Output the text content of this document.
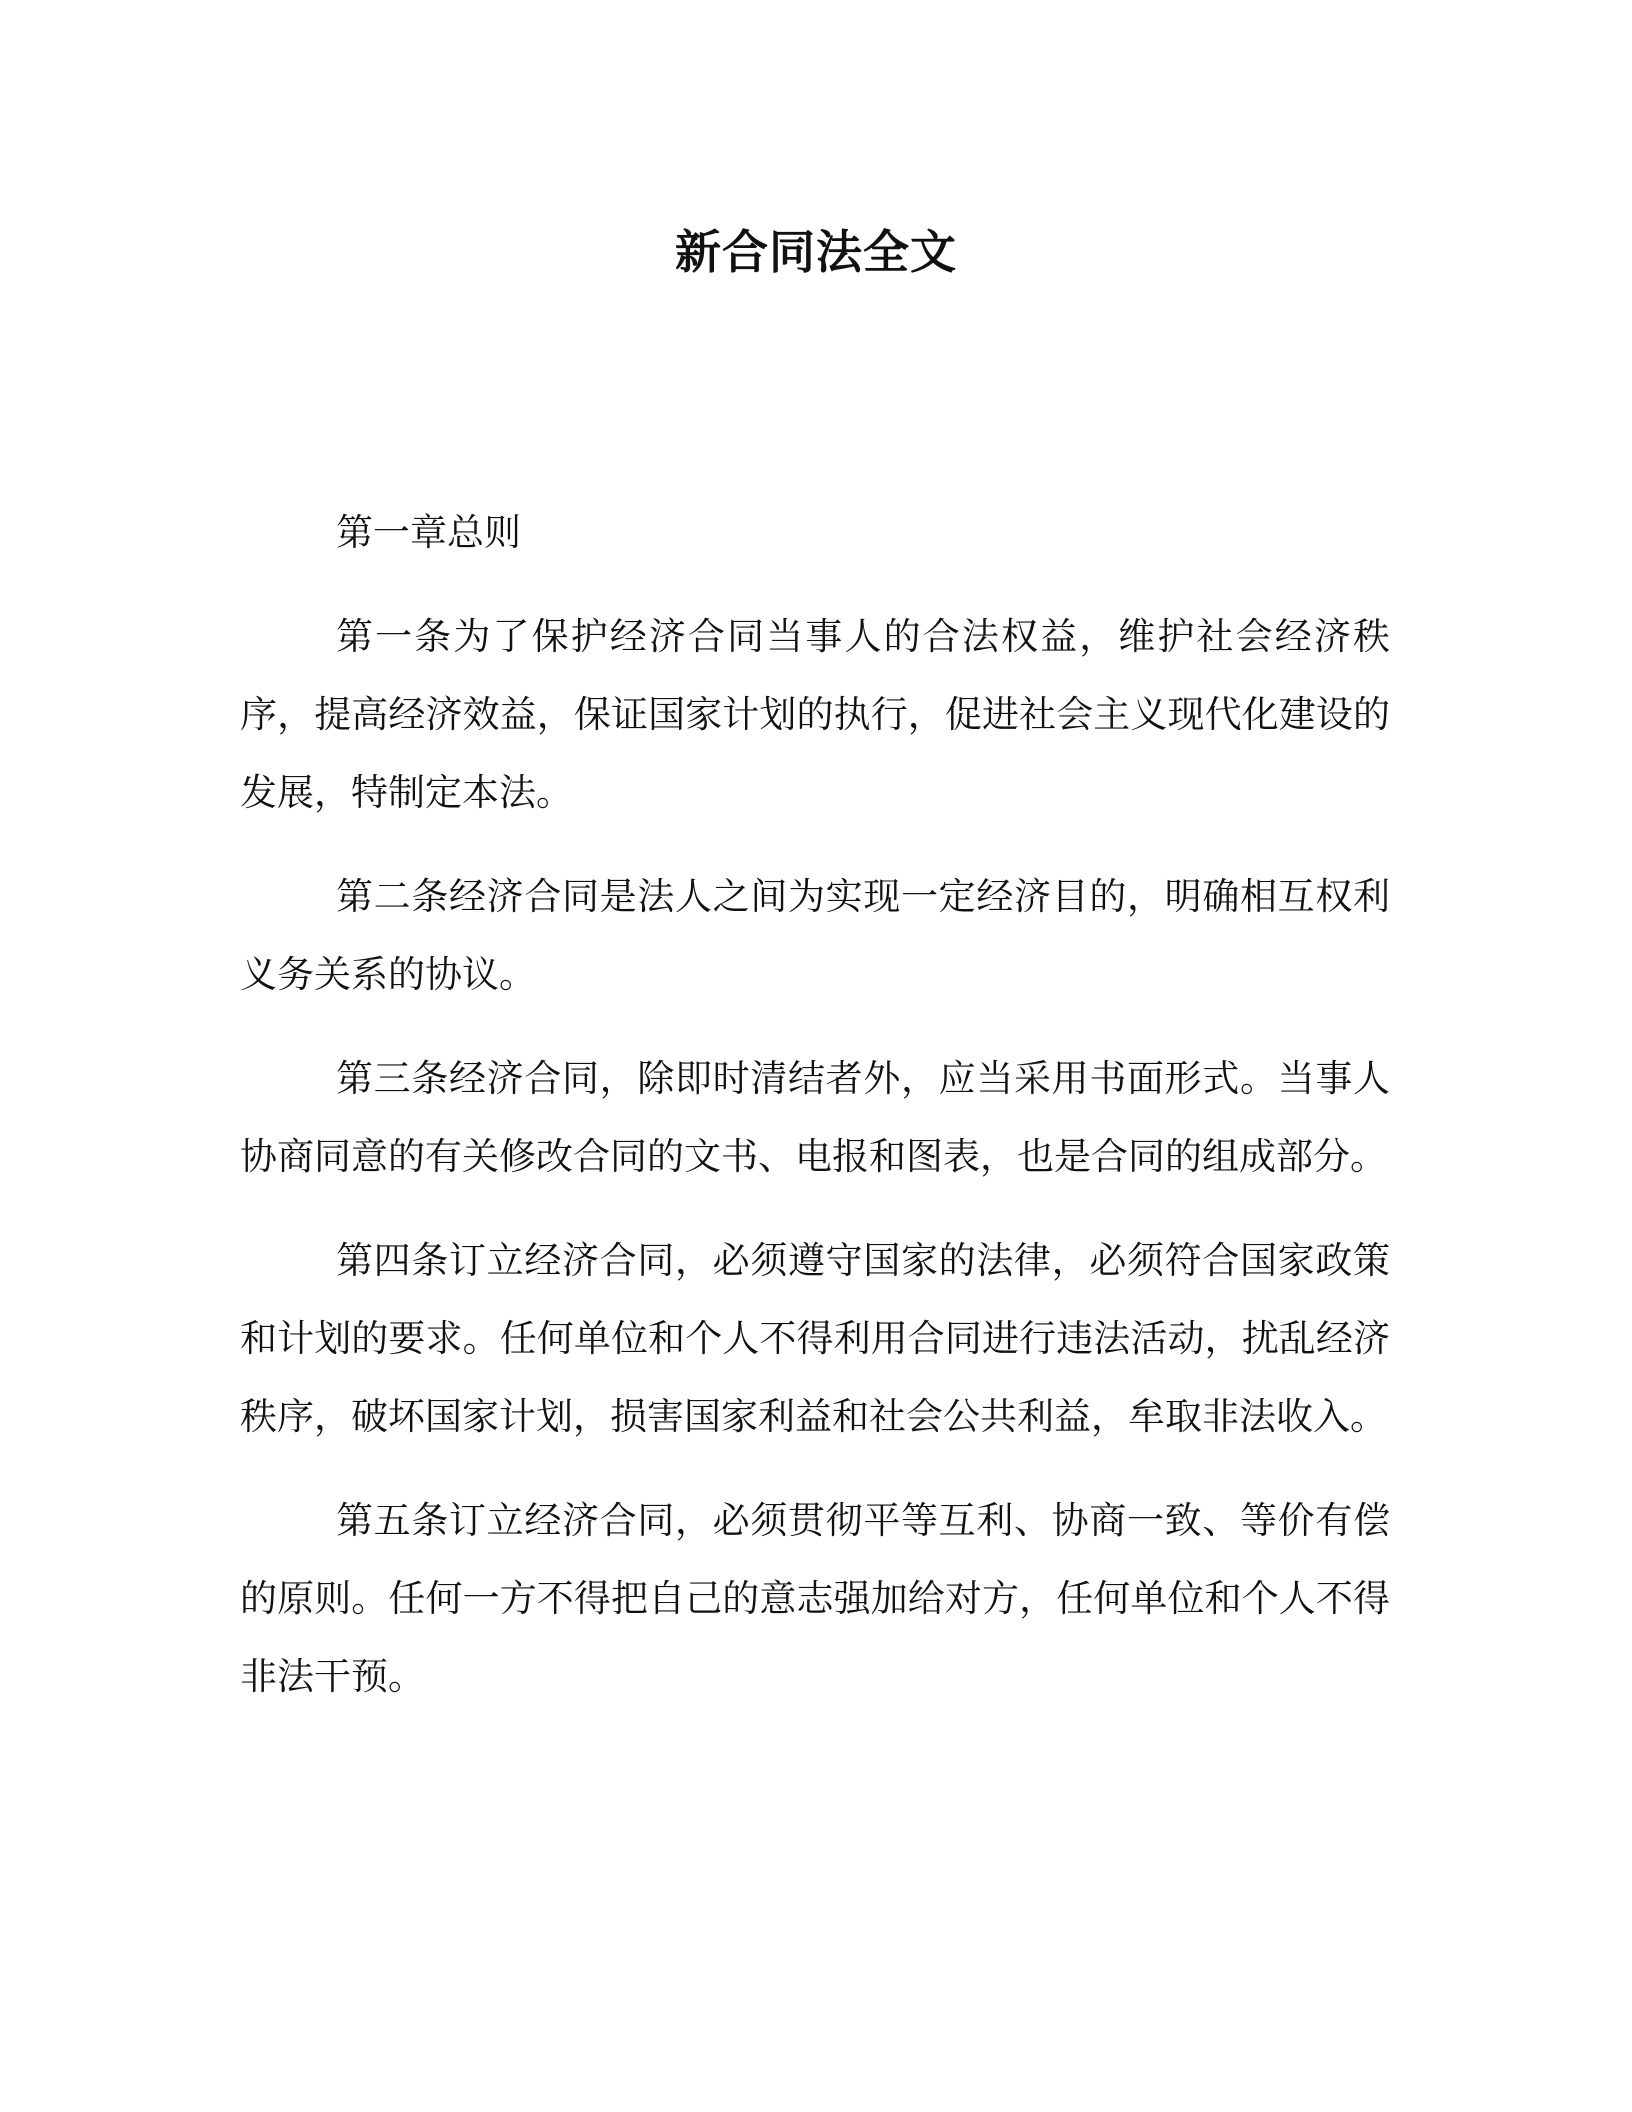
新合同法全文

第一章总则

第一条为了保护经济合同当事人的合法权益，维护社会经济秩序，提高经济效益，保证国家计划的执行，促进社会主义现代化建设的发展，特制定本法。

第二条经济合同是法人之间为实现一定经济目的，明确相互权利义务关系的协议。

第三条经济合同，除即时清结者外，应当采用书面形式。当事人协商同意的有关修改合同的文书、电报和图表，也是合同的组成部分。

第四条订立经济合同，必须遵守国家的法律，必须符合国家政策和计划的要求。任何单位和个人不得利用合同进行违法活动，扰乱经济秩序，破坏国家计划，损害国家利益和社会公共利益，牟取非法收入。

第五条订立经济合同，必须贯彻平等互利、协商一致、等价有偿的原则。任何一方不得把自己的意志强加给对方，任何单位和个人不得非法干预。
